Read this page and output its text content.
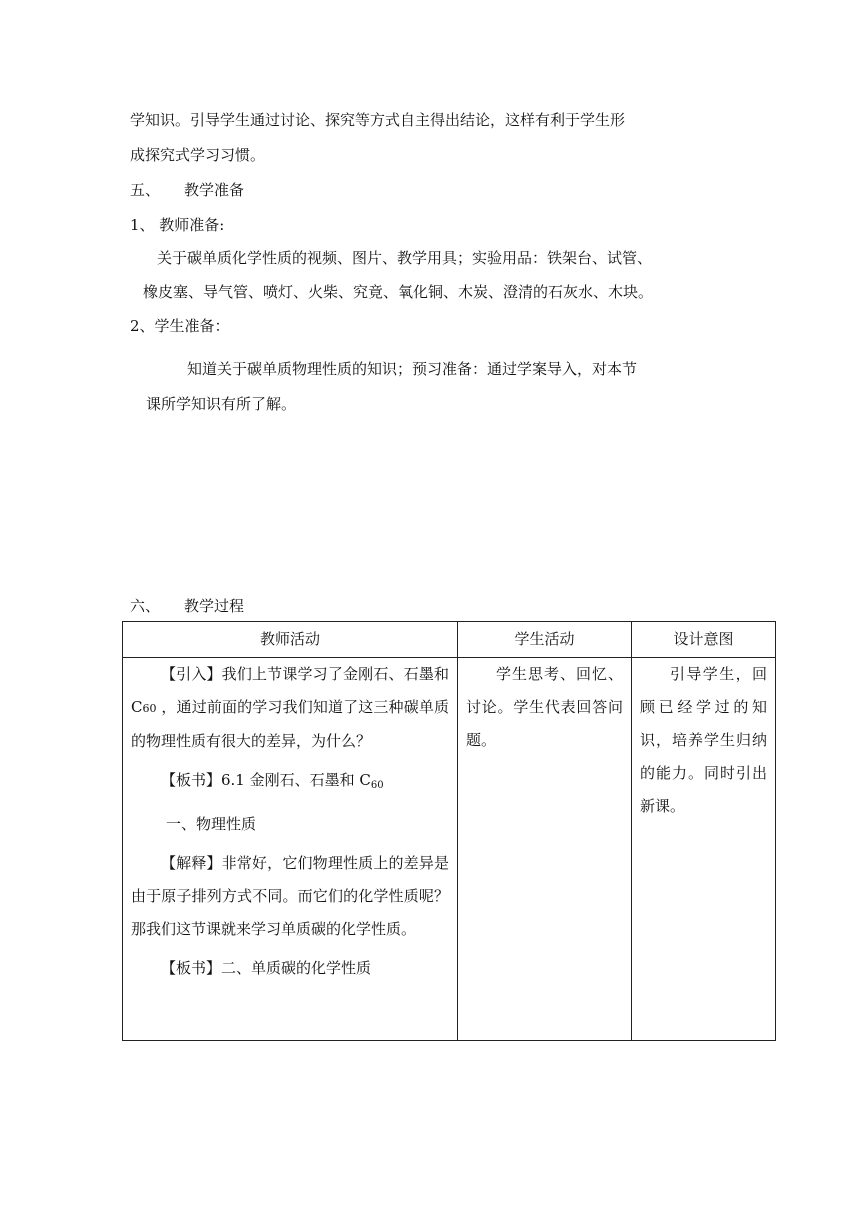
学知识。引导学生通过讨论、探究等方式自主得出结论，这样有利于学生形
成探究式学习习惯。
五、 教学准备
1、 教师准备:
关于碳单质化学性质的视频、图片、教学用具；实验用品：铁架台、试管、
橡皮塞、导气管、喷灯、火柴、究竟、氧化铜、木炭、澄清的石灰水、木块。
2、学生准备：
知道关于碳单质物理性质的知识；预习准备：通过学案导入，对本节
课所学知识有所了解。
六、 教学过程
教师活动	学生活动	设计意图

【引入】我们上节课学习了金刚石、石墨和C60 ，通过前面的学习我们知道了这三种碳单质的物理性质有很大的差异，为什么？

【板书】6.1 金刚石、石墨和 $C_{60}$

一、物理性质

【解释】非常好，它们物理性质上的差异是由于原子排列方式不同。而它们的化学性质呢？那我们这节课就来学习单质碳的化学性质。

【板书】二、单质碳的化学性质	学生思考、回忆、讨论。学生代表回答问题。	引导学生，回顾已经学过的知识，培养学生归纳的能力。同时引出新课。
